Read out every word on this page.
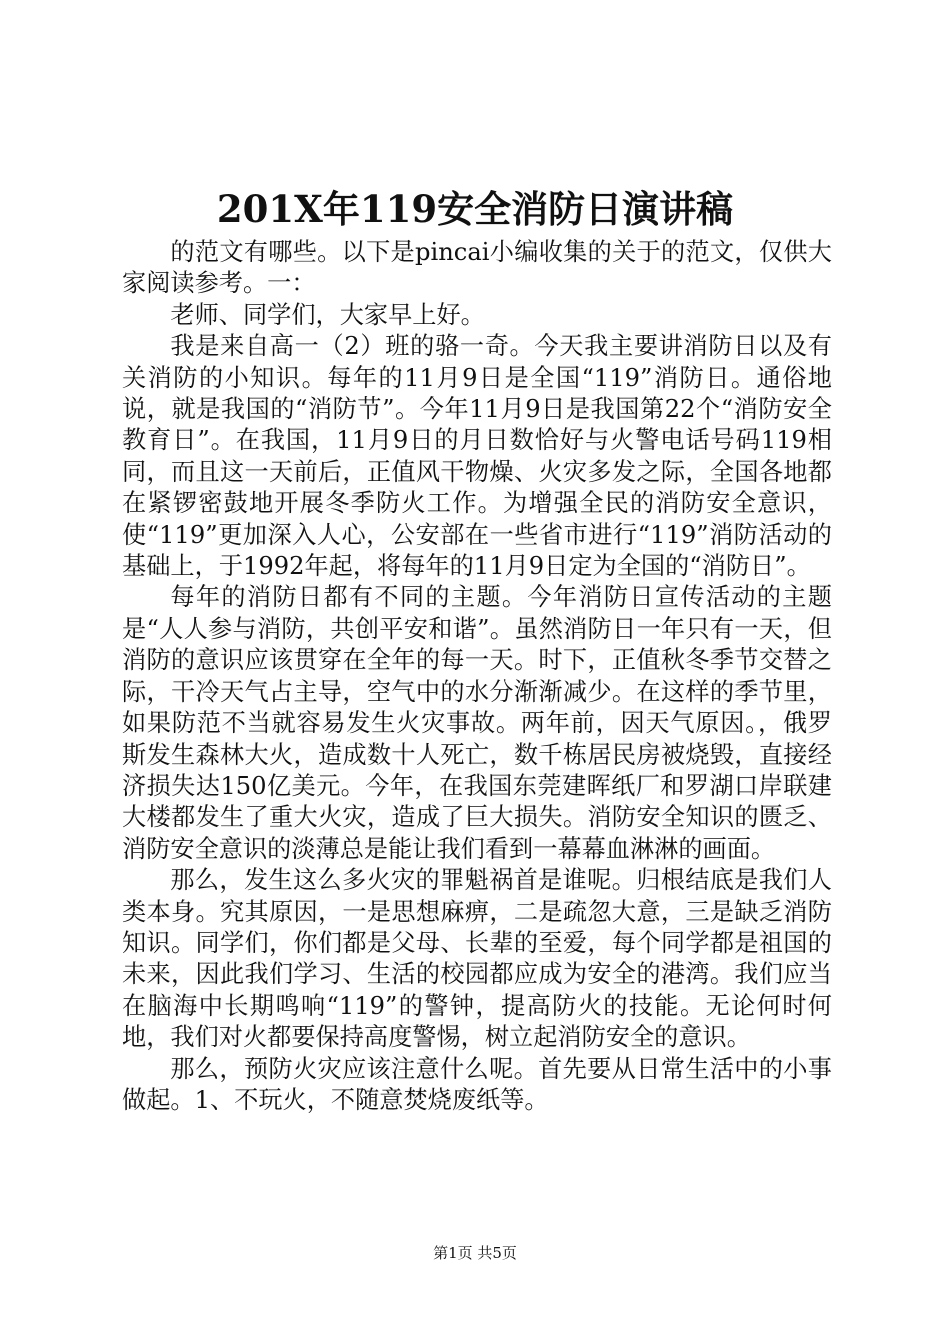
201X年119安全消防日演讲稿

的范文有哪些。以下是pincai小编收集的关于的范文，仅供大家阅读参考。一：

老师、同学们，大家早上好。

我是来自高一（2）班的骆一奇。今天我主要讲消防日以及有关消防的小知识。每年的11月9日是全国“119”消防日。通俗地说，就是我国的“消防节”。今年11月9日是我国第22个“消防安全教育日”。在我国，11月9日的月日数恰好与火警电话号码119相同，而且这一天前后，正值风干物燥、火灾多发之际，全国各地都在紧锣密鼓地开展冬季防火工作。为增强全民的消防安全意识，使“119”更加深入人心，公安部在一些省市进行“119”消防活动的基础上，于1992年起，将每年的11月9日定为全国的“消防日”。

每年的消防日都有不同的主题。今年消防日宣传活动的主题是“人人参与消防，共创平安和谐”。虽然消防日一年只有一天，但消防的意识应该贯穿在全年的每一天。时下，正值秋冬季节交替之际，干冷天气占主导，空气中的水分渐渐减少。在这样的季节里，如果防范不当就容易发生火灾事故。两年前，因天气原因。，俄罗斯发生森林大火，造成数十人死亡，数千栋居民房被烧毁，直接经济损失达150亿美元。今年，在我国东莞建晖纸厂和罗湖口岸联建大楼都发生了重大火灾，造成了巨大损失。消防安全知识的匮乏、消防安全意识的淡薄总是能让我们看到一幕幕血淋淋的画面。

那么，发生这么多火灾的罪魁祸首是谁呢。归根结底是我们人类本身。究其原因，一是思想麻痹，二是疏忽大意，三是缺乏消防知识。同学们，你们都是父母、长辈的至爱，每个同学都是祖国的未来，因此我们学习、生活的校园都应成为安全的港湾。我们应当在脑海中长期鸣响“119”的警钟，提高防火的技能。无论何时何地，我们对火都要保持高度警惕，树立起消防安全的意识。

那么，预防火灾应该注意什么呢。首先要从日常生活中的小事做起。1、不玩火，不随意焚烧废纸等。

第1页 共5页
